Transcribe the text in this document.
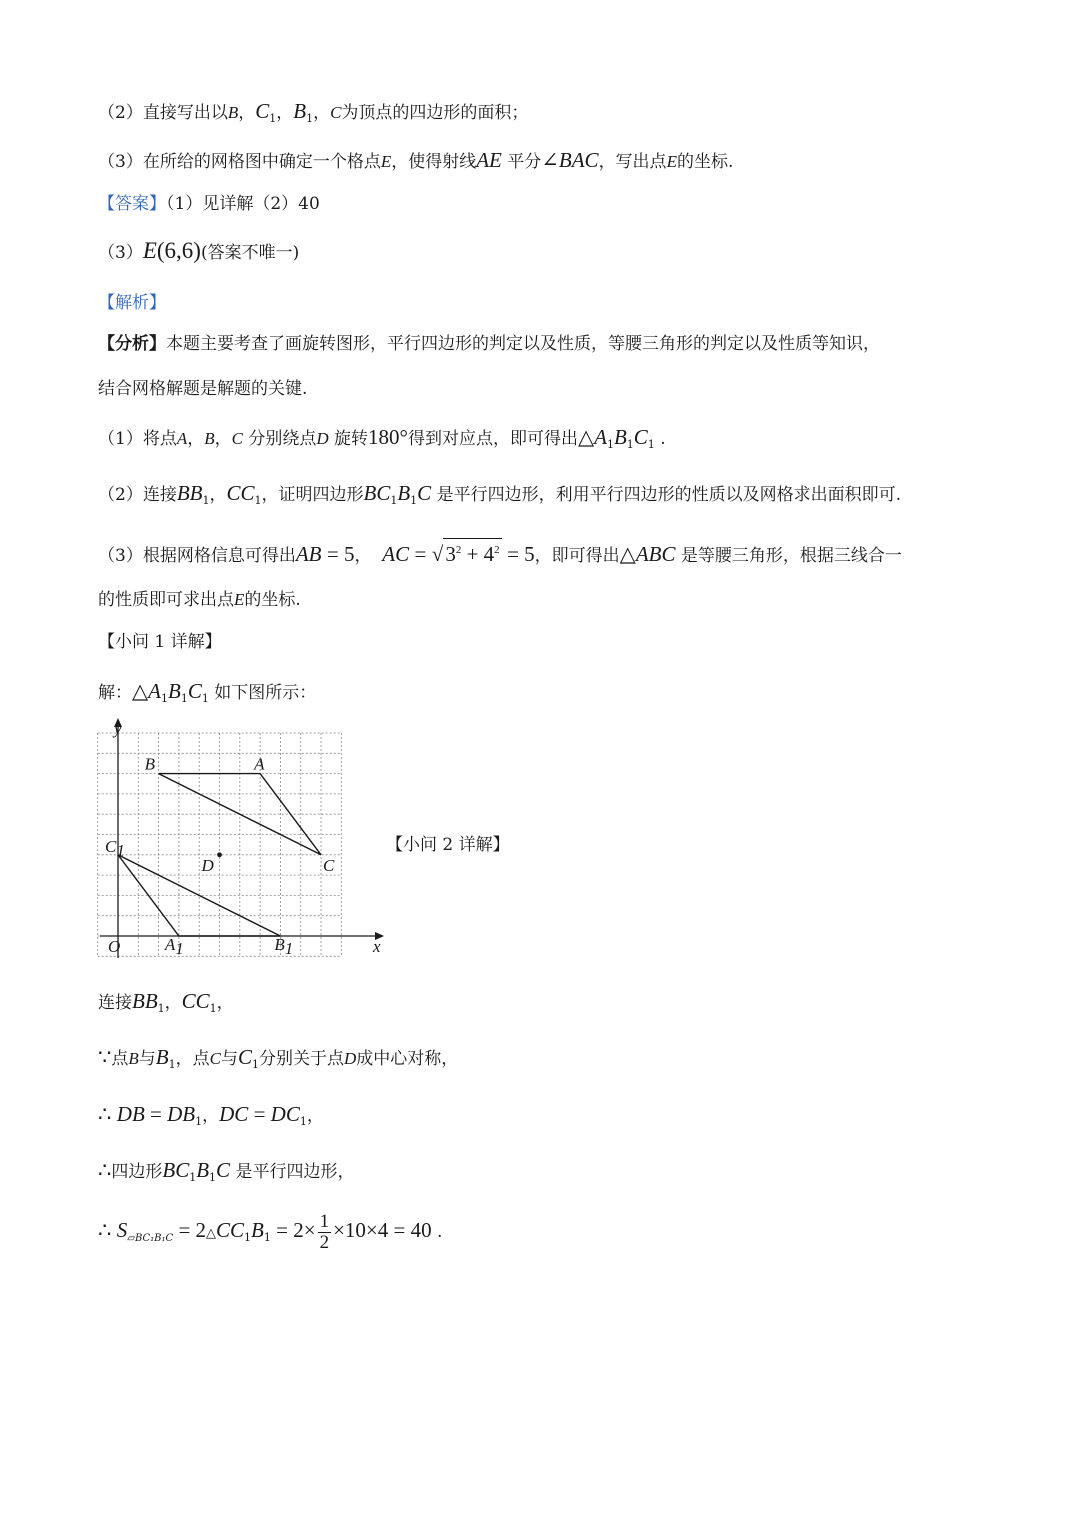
（2）直接写出以B，$C_1$，$B_1$，C为顶点的四边形的面积；
（3）在所给的网格图中确定一个格点E，使得射线AE 平分∠BAC，写出点E的坐标.
【答案】（1）见详解（2）40
（3）E(6,6)(答案不唯一)
【解析】
【分析】本题主要考查了画旋转图形，平行四边形的判定以及性质，等腰三角形的判定以及性质等知识，
结合网格解题是解题的关键.
（1）将点A，B，C 分别绕点D 旋转180°得到对应点，即可得出$\triangle A_1B_1C_1$ .
（2）连接$BB_1$，$CC_1$，证明四边形$BC_1B_1C$ 是平行四边形，利用平行四边形的性质以及网格求出面积即可.
（3）根据网格信息可得出AB = 5， AC = $√3^2 + 4^2 = 5$，即可得出△ABC 是等腰三角形，根据三线合一
的性质即可求出点E的坐标.
【小问 1 详解】
解：$\triangle A_1B_1C_1$ 如下图所示：
y
x
O
A
B
C
D
A1	B1
C1	【小问 2 详解】
连接$BB_1$，$CC_1$，
∵点B与$B_1$，点C与$C_1$分别关于点D成中心对称，
∴ DB = $DB_1$，DC = $DC_1$，
∴四边形$BC_1B_1C$ 是平行四边形，
∴ $S_{▱BC_1B_1C}$ = $2\triangle CC_1B_1 = 2\times \frac{1}{2} \times 10\times 4 = 40$ .
